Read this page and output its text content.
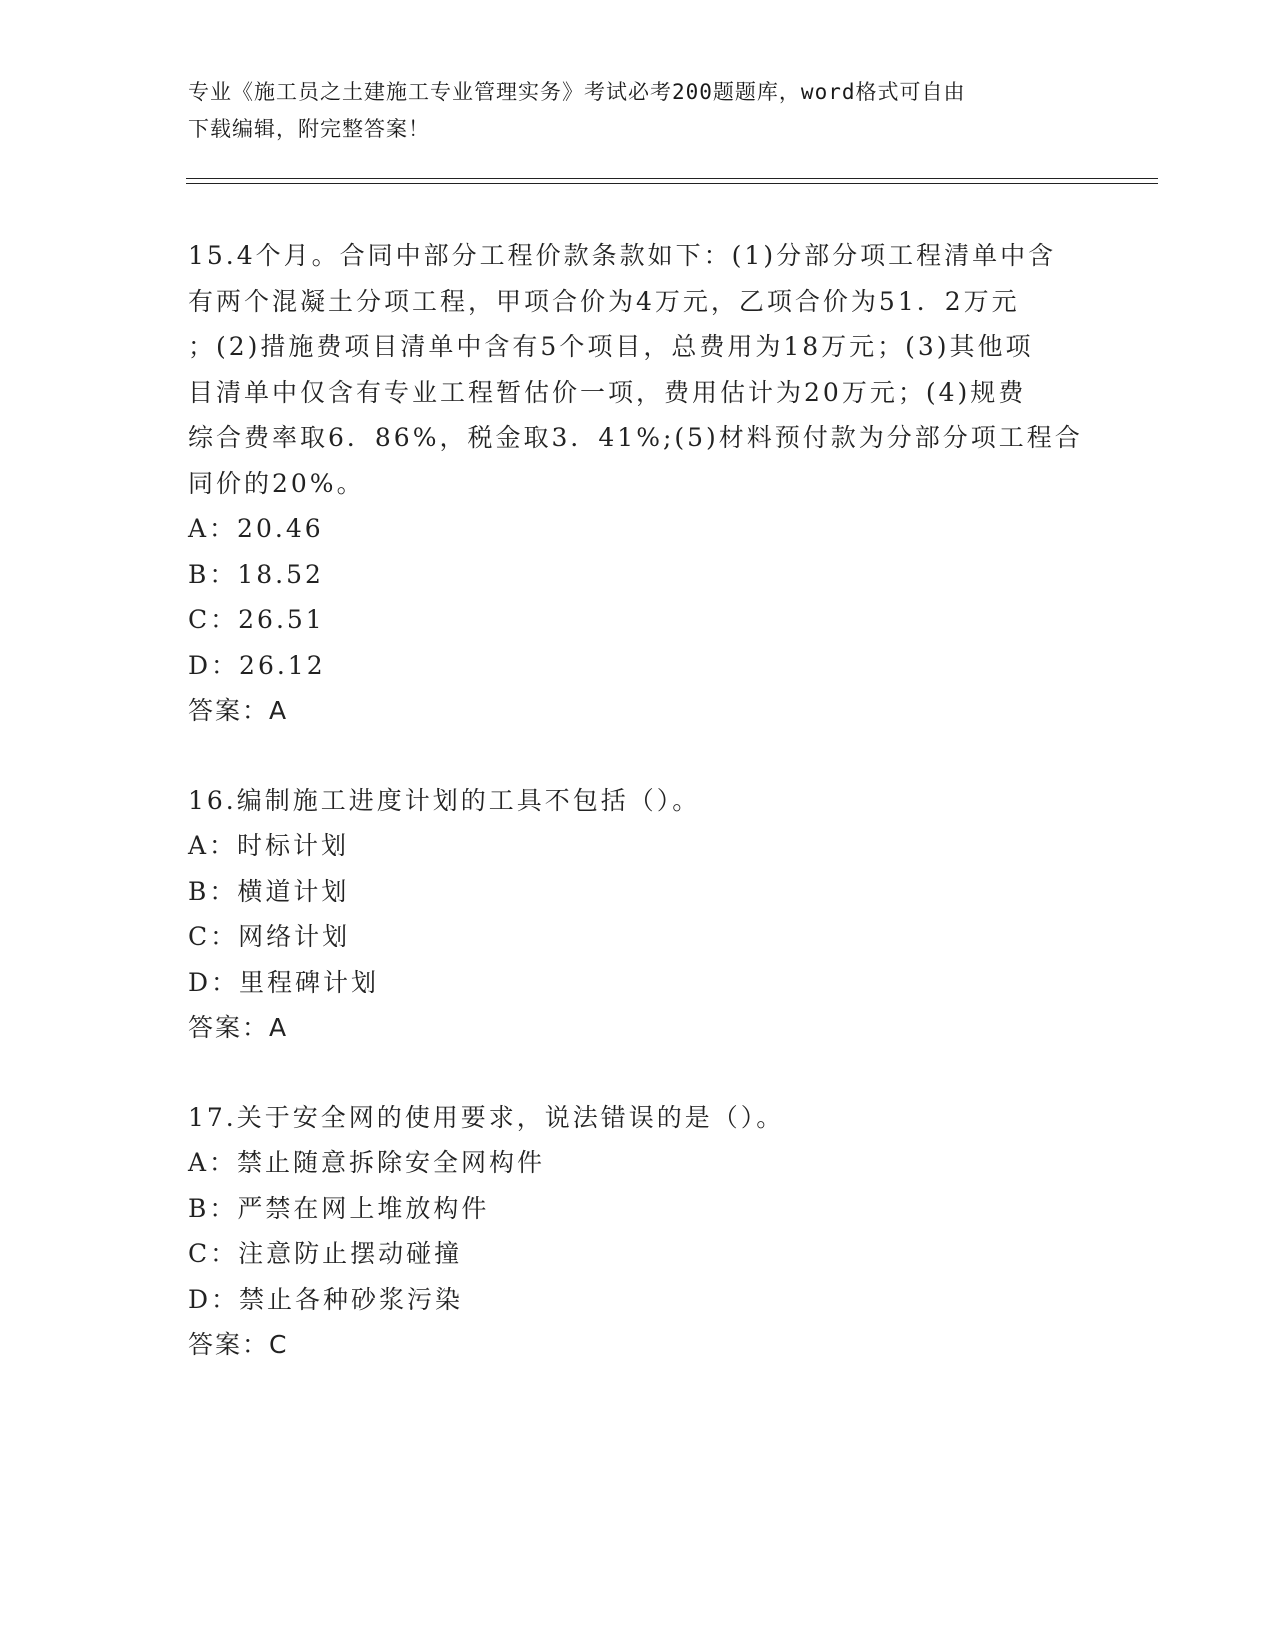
专业《施工员之土建施工专业管理实务》考试必考200题题库，word格式可自由
下载编辑，附完整答案！
15.4个月。合同中部分工程价款条款如下：(1)分部分项工程清单中含
有两个混凝土分项工程，甲项合价为4万元，乙项合价为51．2万元
；(2)措施费项目清单中含有5个项目，总费用为18万元；(3)其他项
目清单中仅含有专业工程暂估价一项，费用估计为20万元；(4)规费
综合费率取6．86%，税金取3．41%;(5)材料预付款为分部分项工程合
同价的20%。
A：20.46
B：18.52
C：26.51
D：26.12
答案：A
16.编制施工进度计划的工具不包括（）。
A：时标计划
B：横道计划
C：网络计划
D：里程碑计划
答案：A
17.关于安全网的使用要求，说法错误的是（）。
A：禁止随意拆除安全网构件
B：严禁在网上堆放构件
C：注意防止摆动碰撞
D：禁止各种砂浆污染
答案：C
